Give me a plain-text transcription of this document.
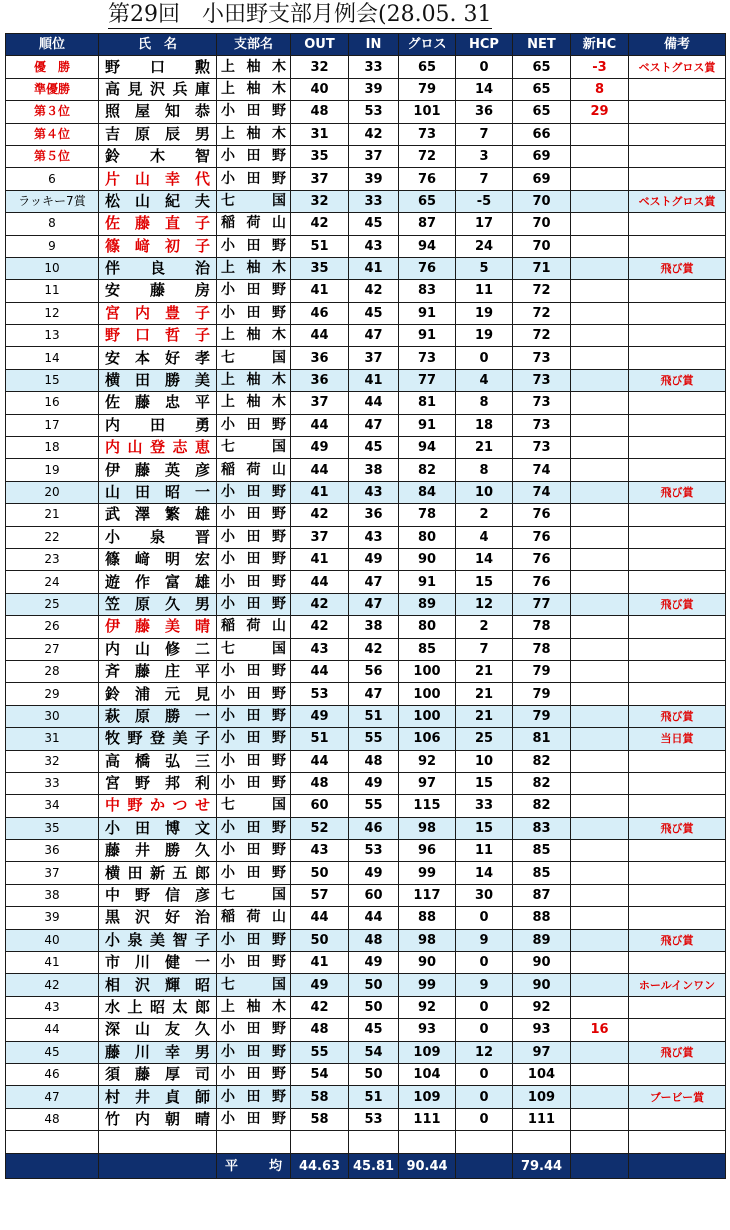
第29回　小田野支部月例会(28.05. 31
順位	氏　名	支部名	OUT	IN	グロス	HCP	NET	新HC	備考
優　勝	野口勲	上柚木	32	33	65	0	65	-3	ベストグロス賞
準優勝	高見沢兵庫	上柚木	40	39	79	14	65	8	
第３位	照屋知恭	小田野	48	53	101	36	65	29	
第４位	吉原辰男	上柚木	31	42	73	7	66		
第５位	鈴木智	小田野	35	37	72	3	69		
6	片山幸代	小田野	37	39	76	7	69		
ラッキー7賞	松山紀夫	七国	32	33	65	-5	70		ベストグロス賞
8	佐藤直子	稲荷山	42	45	87	17	70		
9	篠﨑初子	小田野	51	43	94	24	70		
10	伴良治	上柚木	35	41	76	5	71		飛び賞
11	安藤房	小田野	41	42	83	11	72		
12	宮内豊子	小田野	46	45	91	19	72		
13	野口哲子	上柚木	44	47	91	19	72		
14	安本好孝	七国	36	37	73	0	73		
15	横田勝美	上柚木	36	41	77	4	73		飛び賞
16	佐藤忠平	上柚木	37	44	81	8	73		
17	内田勇	小田野	44	47	91	18	73		
18	内山登志恵	七国	49	45	94	21	73		
19	伊藤英彦	稲荷山	44	38	82	8	74		
20	山田昭一	小田野	41	43	84	10	74		飛び賞
21	武澤繁雄	小田野	42	36	78	2	76		
22	小泉晋	小田野	37	43	80	4	76		
23	篠﨑明宏	小田野	41	49	90	14	76		
24	遊作富雄	小田野	44	47	91	15	76		
25	笠原久男	小田野	42	47	89	12	77		飛び賞
26	伊藤美晴	稲荷山	42	38	80	2	78		
27	内山修二	七国	43	42	85	7	78		
28	斉藤庄平	小田野	44	56	100	21	79		
29	鈴浦元見	小田野	53	47	100	21	79		
30	萩原勝一	小田野	49	51	100	21	79		飛び賞
31	牧野登美子	小田野	51	55	106	25	81		当日賞
32	高橋弘三	小田野	44	48	92	10	82		
33	宮野邦利	小田野	48	49	97	15	82		
34	中野かつせ	七国	60	55	115	33	82		
35	小田博文	小田野	52	46	98	15	83		飛び賞
36	藤井勝久	小田野	43	53	96	11	85		
37	横田新五郎	小田野	50	49	99	14	85		
38	中野信彦	七国	57	60	117	30	87		
39	黒沢好治	稲荷山	44	44	88	0	88		
40	小泉美智子	小田野	50	48	98	9	89		飛び賞
41	市川健一	小田野	41	49	90	0	90		
42	相沢輝昭	七国	49	50	99	9	90		ホールインワン
43	水上昭太郎	上柚木	42	50	92	0	92		
44	深山友久	小田野	48	45	93	0	93	16	
45	藤川幸男	小田野	55	54	109	12	97		飛び賞
46	須藤厚司	小田野	54	50	104	0	104		
47	村井貞師	小田野	58	51	109	0	109		ブービー賞
48	竹内朝晴	小田野	58	53	111	0	111		

		平　均	44.63	45.81	90.44		79.44		
